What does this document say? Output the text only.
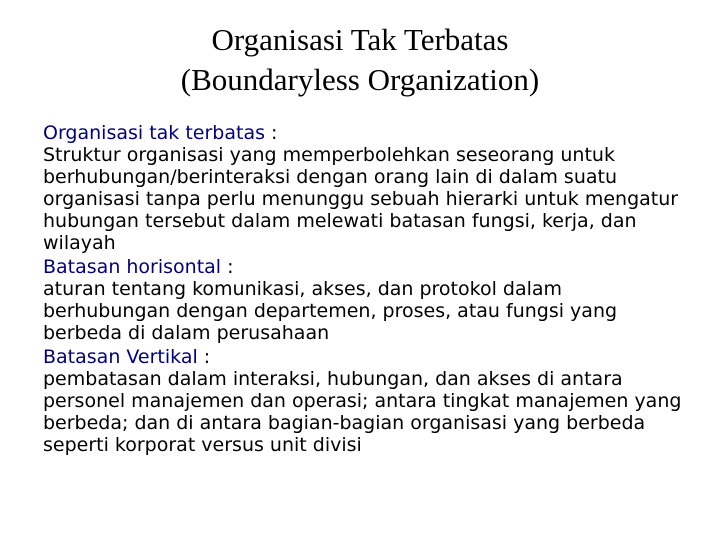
Organisasi Tak Terbatas
(Boundaryless Organization)
Organisasi tak terbatas :

Struktur organisasi yang memperbolehkan seseorang untuk berhubungan/berinteraksi dengan orang lain di dalam suatu organisasi tanpa perlu menunggu sebuah hierarki untuk mengatur hubungan tersebut dalam melewati batasan fungsi, kerja, dan wilayah

Batasan horisontal :

aturan tentang komunikasi, akses, dan protokol dalam berhubungan dengan departemen, proses, atau fungsi yang berbeda di dalam perusahaan

Batasan Vertikal :

pembatasan dalam interaksi, hubungan, dan akses di antara personel manajemen dan operasi; antara tingkat manajemen yang berbeda; dan di antara bagian-bagian organisasi yang berbeda seperti korporat versus unit divisi
